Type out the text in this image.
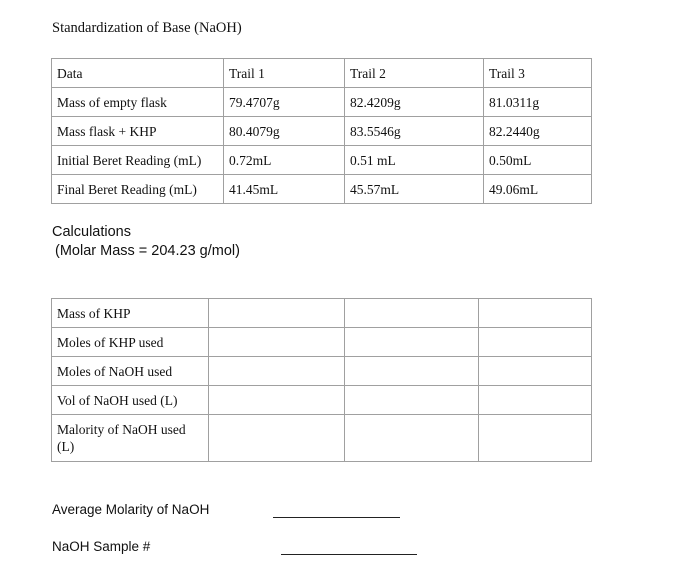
Standardization of Base (NaOH)
Data	Trail 1	Trail 2	Trail 3
Mass of empty flask	79.4707g	82.4209g	81.0311g
Mass flask + KHP	80.4079g	83.5546g	82.2440g
Initial Beret Reading (mL)	0.72mL	0.51 mL	0.50mL
Final Beret Reading (mL)	41.45mL	45.57mL	49.06mL
Calculations
(Molar Mass = 204.23 g/mol)
Mass of KHP			
Moles of KHP used			
Moles of NaOH used			
Vol of NaOH used (L)			
Malority of NaOH used (L)			
Average Molarity of NaOH
NaOH Sample #
